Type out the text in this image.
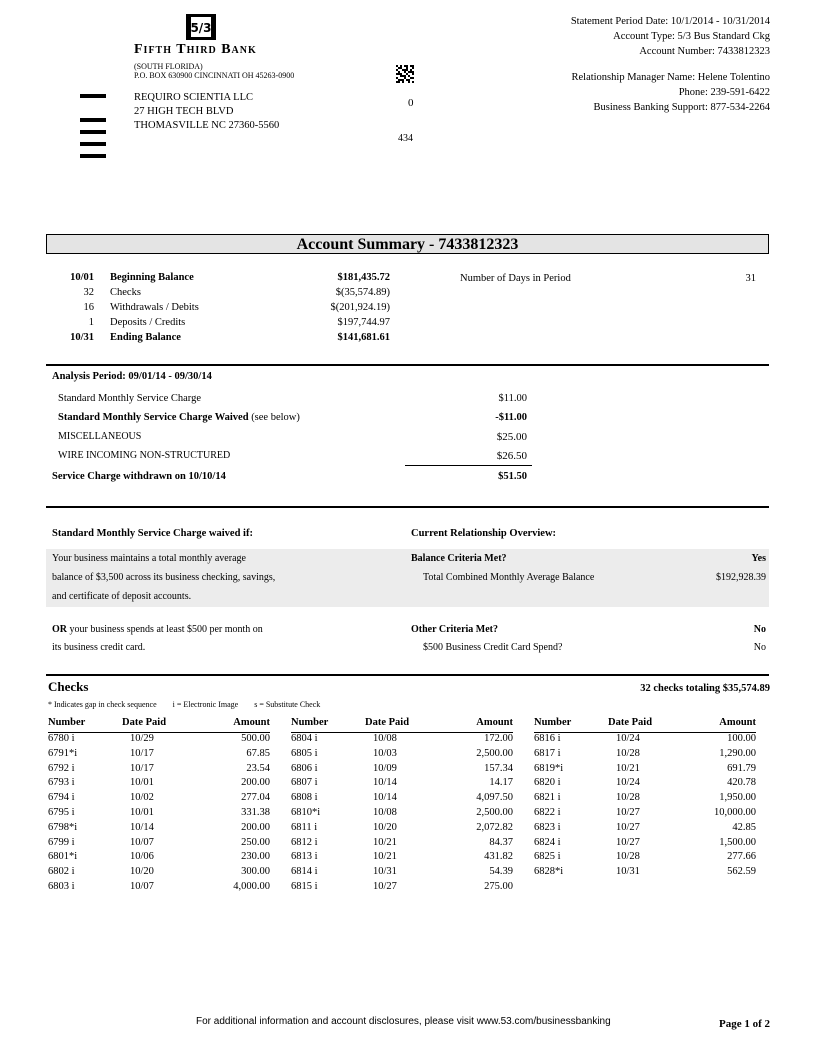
5/3
Fifth Third Bank
(SOUTH FLORIDA)
P.O. BOX 630900 CINCINNATI OH 45263-0900
REQUIRO SCIENTIA LLC
27 HIGH TECH BLVD
THOMASVILLE NC 27360-5560
0
434
Statement Period Date: 10/1/2014 - 10/31/2014
Account Type: 5/3 Bus Standard Ckg
Account Number: 7433812323
Relationship Manager Name: Helene Tolentino
Phone: 239-591-6422
Business Banking Support: 877-534-2264
Account Summary - 7433812323
10/01 Beginning Balance	$181,435.72
32 Checks	$(35,574.89)
16 Withdrawals / Debits	$(201,924.19)
1 Deposits / Credits	$197,744.97
10/31 Ending Balance	$141,681.61
Number of Days in Period	31
Analysis Period: 09/01/14 - 09/30/14
Standard Monthly Service Charge	$11.00
Standard Monthly Service Charge Waived (see below)	-$11.00
MISCELLANEOUS	$25.00
WIRE INCOMING NON-STRUCTURED	$26.50
Service Charge withdrawn on 10/10/14	$51.50
Standard Monthly Service Charge waived if:	Current Relationship Overview:
Your business maintains a total monthly average
balance of $3,500 across its business checking, savings,
and certificate of deposit accounts.
Balance Criteria Met?	Yes
Total Combined Monthly Average Balance	$192,928.39
OR your business spends at least $500 per month on
its business credit card.
Other Criteria Met?	No
$500 Business Credit Card Spend?	No
Checks	32 checks totaling $35,574.89
* Indicates gap in check sequence i = Electronic Image s = Substitute Check
Number	Date Paid	Amount
6780 i	10/29	500.00
6791*i	10/17	67.85
6792 i	10/17	23.54
6793 i	10/01	200.00
6794 i	10/02	277.04
6795 i	10/01	331.38
6798*i	10/14	200.00
6799 i	10/07	250.00
6801*i	10/06	230.00
6802 i	10/20	300.00
6803 i	10/07	4,000.00
Number	Date Paid	Amount
6804 i	10/08	172.00
6805 i	10/03	2,500.00
6806 i	10/09	157.34
6807 i	10/14	14.17
6808 i	10/14	4,097.50
6810*i	10/08	2,500.00
6811 i	10/20	2,072.82
6812 i	10/21	84.37
6813 i	10/21	431.82
6814 i	10/31	54.39
6815 i	10/27	275.00
Number	Date Paid	Amount
6816 i	10/24	100.00
6817 i	10/28	1,290.00
6819*i	10/21	691.79
6820 i	10/24	420.78
6821 i	10/28	1,950.00
6822 i	10/27	10,000.00
6823 i	10/27	42.85
6824 i	10/27	1,500.00
6825 i	10/28	277.66
6828*i	10/31	562.59
For additional information and account disclosures, please visit www.53.com/businessbanking	Page 1 of 2
